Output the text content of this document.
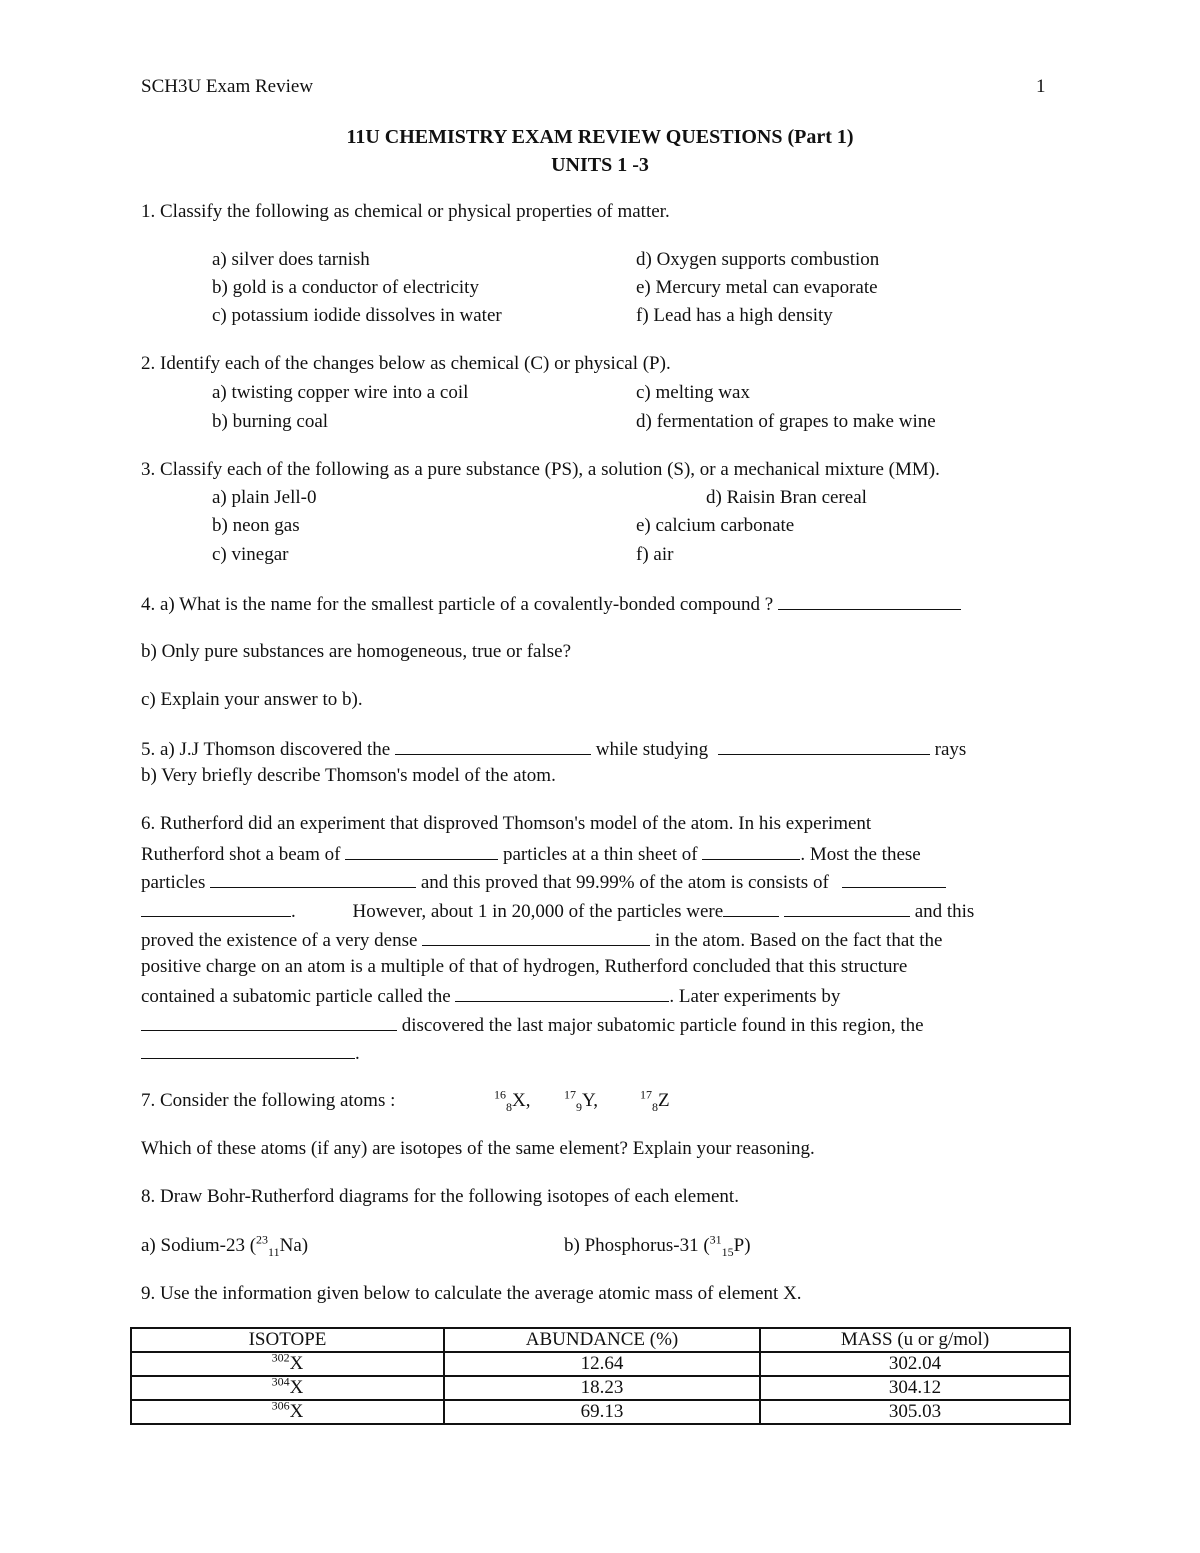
SCH3U Exam Review	1
11U CHEMISTRY EXAM REVIEW QUESTIONS (Part 1)
UNITS 1 -3
1. Classify the following as chemical or physical properties of matter.
a) silver does tarnish
b) gold is a conductor of electricity
c) potassium iodide dissolves in water
d) Oxygen supports combustion
e) Mercury metal can evaporate
f) Lead has a high density
2. Identify each of the changes below as chemical (C) or physical (P).
a) twisting copper wire into a coil
b) burning coal
c) melting wax
d) fermentation of grapes to make wine
3. Classify each of the following as a pure substance (PS), a solution (S), or a mechanical mixture (MM).
a) plain Jell-0
b) neon gas
c) vinegar
d) Raisin Bran cereal
e) calcium carbonate
f) air
4. a) What is the name for the smallest particle of a covalently-bonded compound ?
b) Only pure substances are homogeneous, true or false?
c) Explain your answer to b).
5. a) J.J Thomson discovered the	while studying	rays
b) Very briefly describe Thomson's model of the atom.
6. Rutherford did an experiment that disproved Thomson's model of the atom. In his experiment
Rutherford shot a beam of	particles at a thin sheet of	. Most the these
particles	and this proved that 99.99% of the atom is consists of
.	However, about 1 in 20,000 of the particles were	and this
proved the existence of a very dense	in the atom. Based on the fact that the
positive charge on an atom is a multiple of that of hydrogen, Rutherford concluded that this structure
contained a subatomic particle called the	. Later experiments by
discovered the last major subatomic particle found in this region, the
.
7. Consider the following atoms :	$^{16}_8$X,	$^{17}_9$Y,	$^{17}_8$Z
Which of these atoms (if any) are isotopes of the same element? Explain your reasoning.
8. Draw Bohr-Rutherford diagrams for the following isotopes of each element.
a) Sodium-23 ($^{23}_{11}$Na)	b) Phosphorus-31 ($^{31}_{15}$P)
9. Use the information given below to calculate the average atomic mass of element X.
ISOTOPE	ABUNDANCE (%)	MASS (u or g/mol)
$^{302}$X	12.64	302.04
$^{304}$X	18.23	304.12
$^{306}$X	69.13	305.03
